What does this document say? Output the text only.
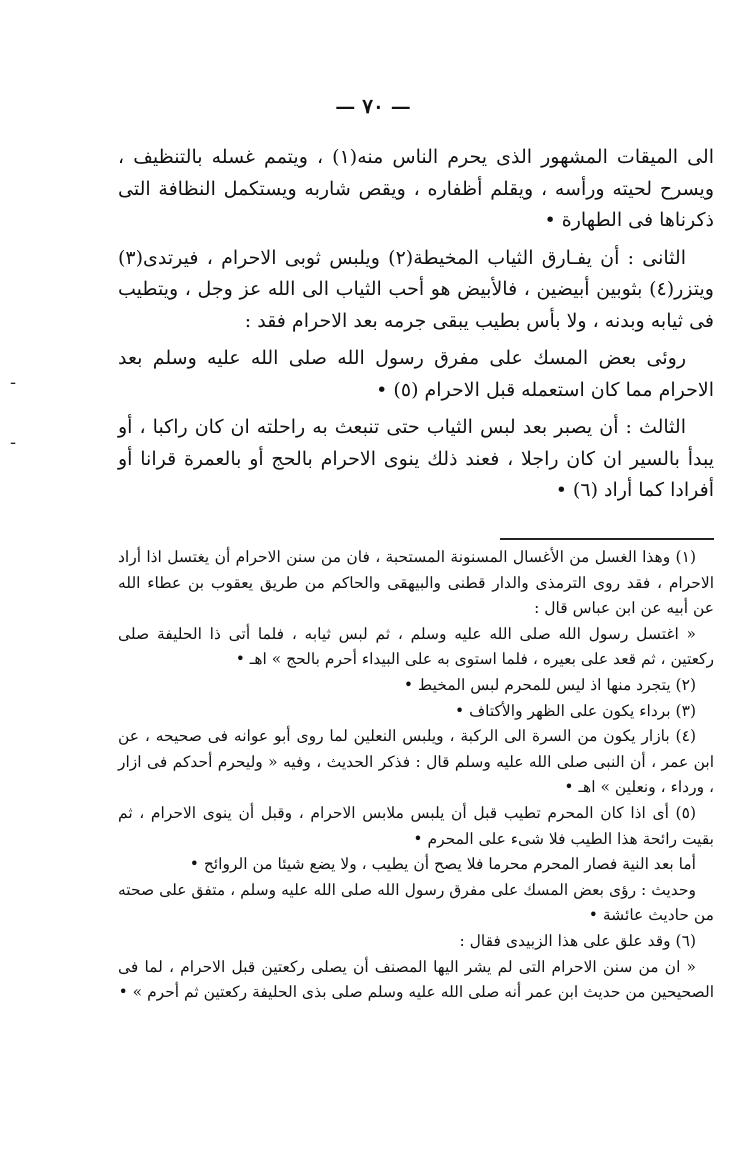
— ٧٠ —

الى الميقات المشهور الذى يحرم الناس منه(١) ، ويتمم غسله بالتنظيف ، ويسرح لحيته ورأسه ، ويقلم أظفاره ، ويقص شاربه ويستكمل النظافة التى ذكرناها فى الطهارة •

الثانى : أن يفـارق الثياب المخيطة(٢) ويلبس ثوبى الاحرام ، فيرتدى(٣) ويتزر(٤) بثوبين أبيضين ، فالأبيض هو أحب الثياب الى الله عز وجل ، ويتطيب فى ثيابه وبدنه ، ولا بأس بطيب يبقى جرمه بعد الاحرام فقد :

روئى بعض المسك على مفرق رسول الله صلى الله عليه وسلم بعد الاحرام مما كان استعمله قبل الاحرام (٥) •

الثالث : أن يصبر بعد لبس الثياب حتى تنبعث به راحلته ان كان راكبا ، أو يبدأ بالسير ان كان راجلا ، فعند ذلك ينوى الاحرام بالحج أو بالعمرة قرانا أو أفرادا كما أراد (٦) •

(١) وهذا الغسل من الأغسال المسنونة المستحبة ، فان من سنن الاحرام أن يغتسل اذا أراد الاحرام ، فقد روى الترمذى والدار قطنى والبيهقى والحاكم من طريق يعقوب بن عطاء الله عن أبيه عن ابن عباس قال :

« اغتسل رسول الله صلى الله عليه وسلم ، ثم لبس ثيابه ، فلما أتى ذا الحليفة صلى ركعتين ، ثم قعد على بعيره ، فلما استوى به على البيداء أحرم بالحج » اهـ •

(٢) يتجرد منها اذ ليس للمحرم لبس المخيط •

(٣) برداء يكون على الظهر والأكتاف •

(٤) بازار يكون من السرة الى الركبة ، ويلبس النعلين لما روى أبو عوانه فى صحيحه ، عن ابن عمر ، أن النبى صلى الله عليه وسلم قال : فذكر الحديث ، وفيه « وليحرم أحدكم فى ازار ، ورداء ، ونعلين » اهـ •

(٥) أى اذا كان المحرم تطيب قبل أن يلبس ملابس الاحرام ، وقبل أن ينوى الاحرام ، ثم بقيت رائحة هذا الطيب فلا شىء على المحرم •

أما بعد النية فصار المحرم محرما فلا يصح أن يطيب ، ولا يضع شيئا من الروائح •

وحديث : رؤى بعض المسك على مفرق رسول الله صلى الله عليه وسلم ، متفق على صحته من حاديث عائشة •

(٦) وقد علق على هذا الزبيدى فقال :

« ان من سنن الاحرام التى لم يشر اليها المصنف أن يصلى ركعتين قبل الاحرام ، لما فى الصحيحين من حديث ابن عمر أنه صلى الله عليه وسلم صلى بذى الحليفة ركعتين ثم أحرم » •

-
-
